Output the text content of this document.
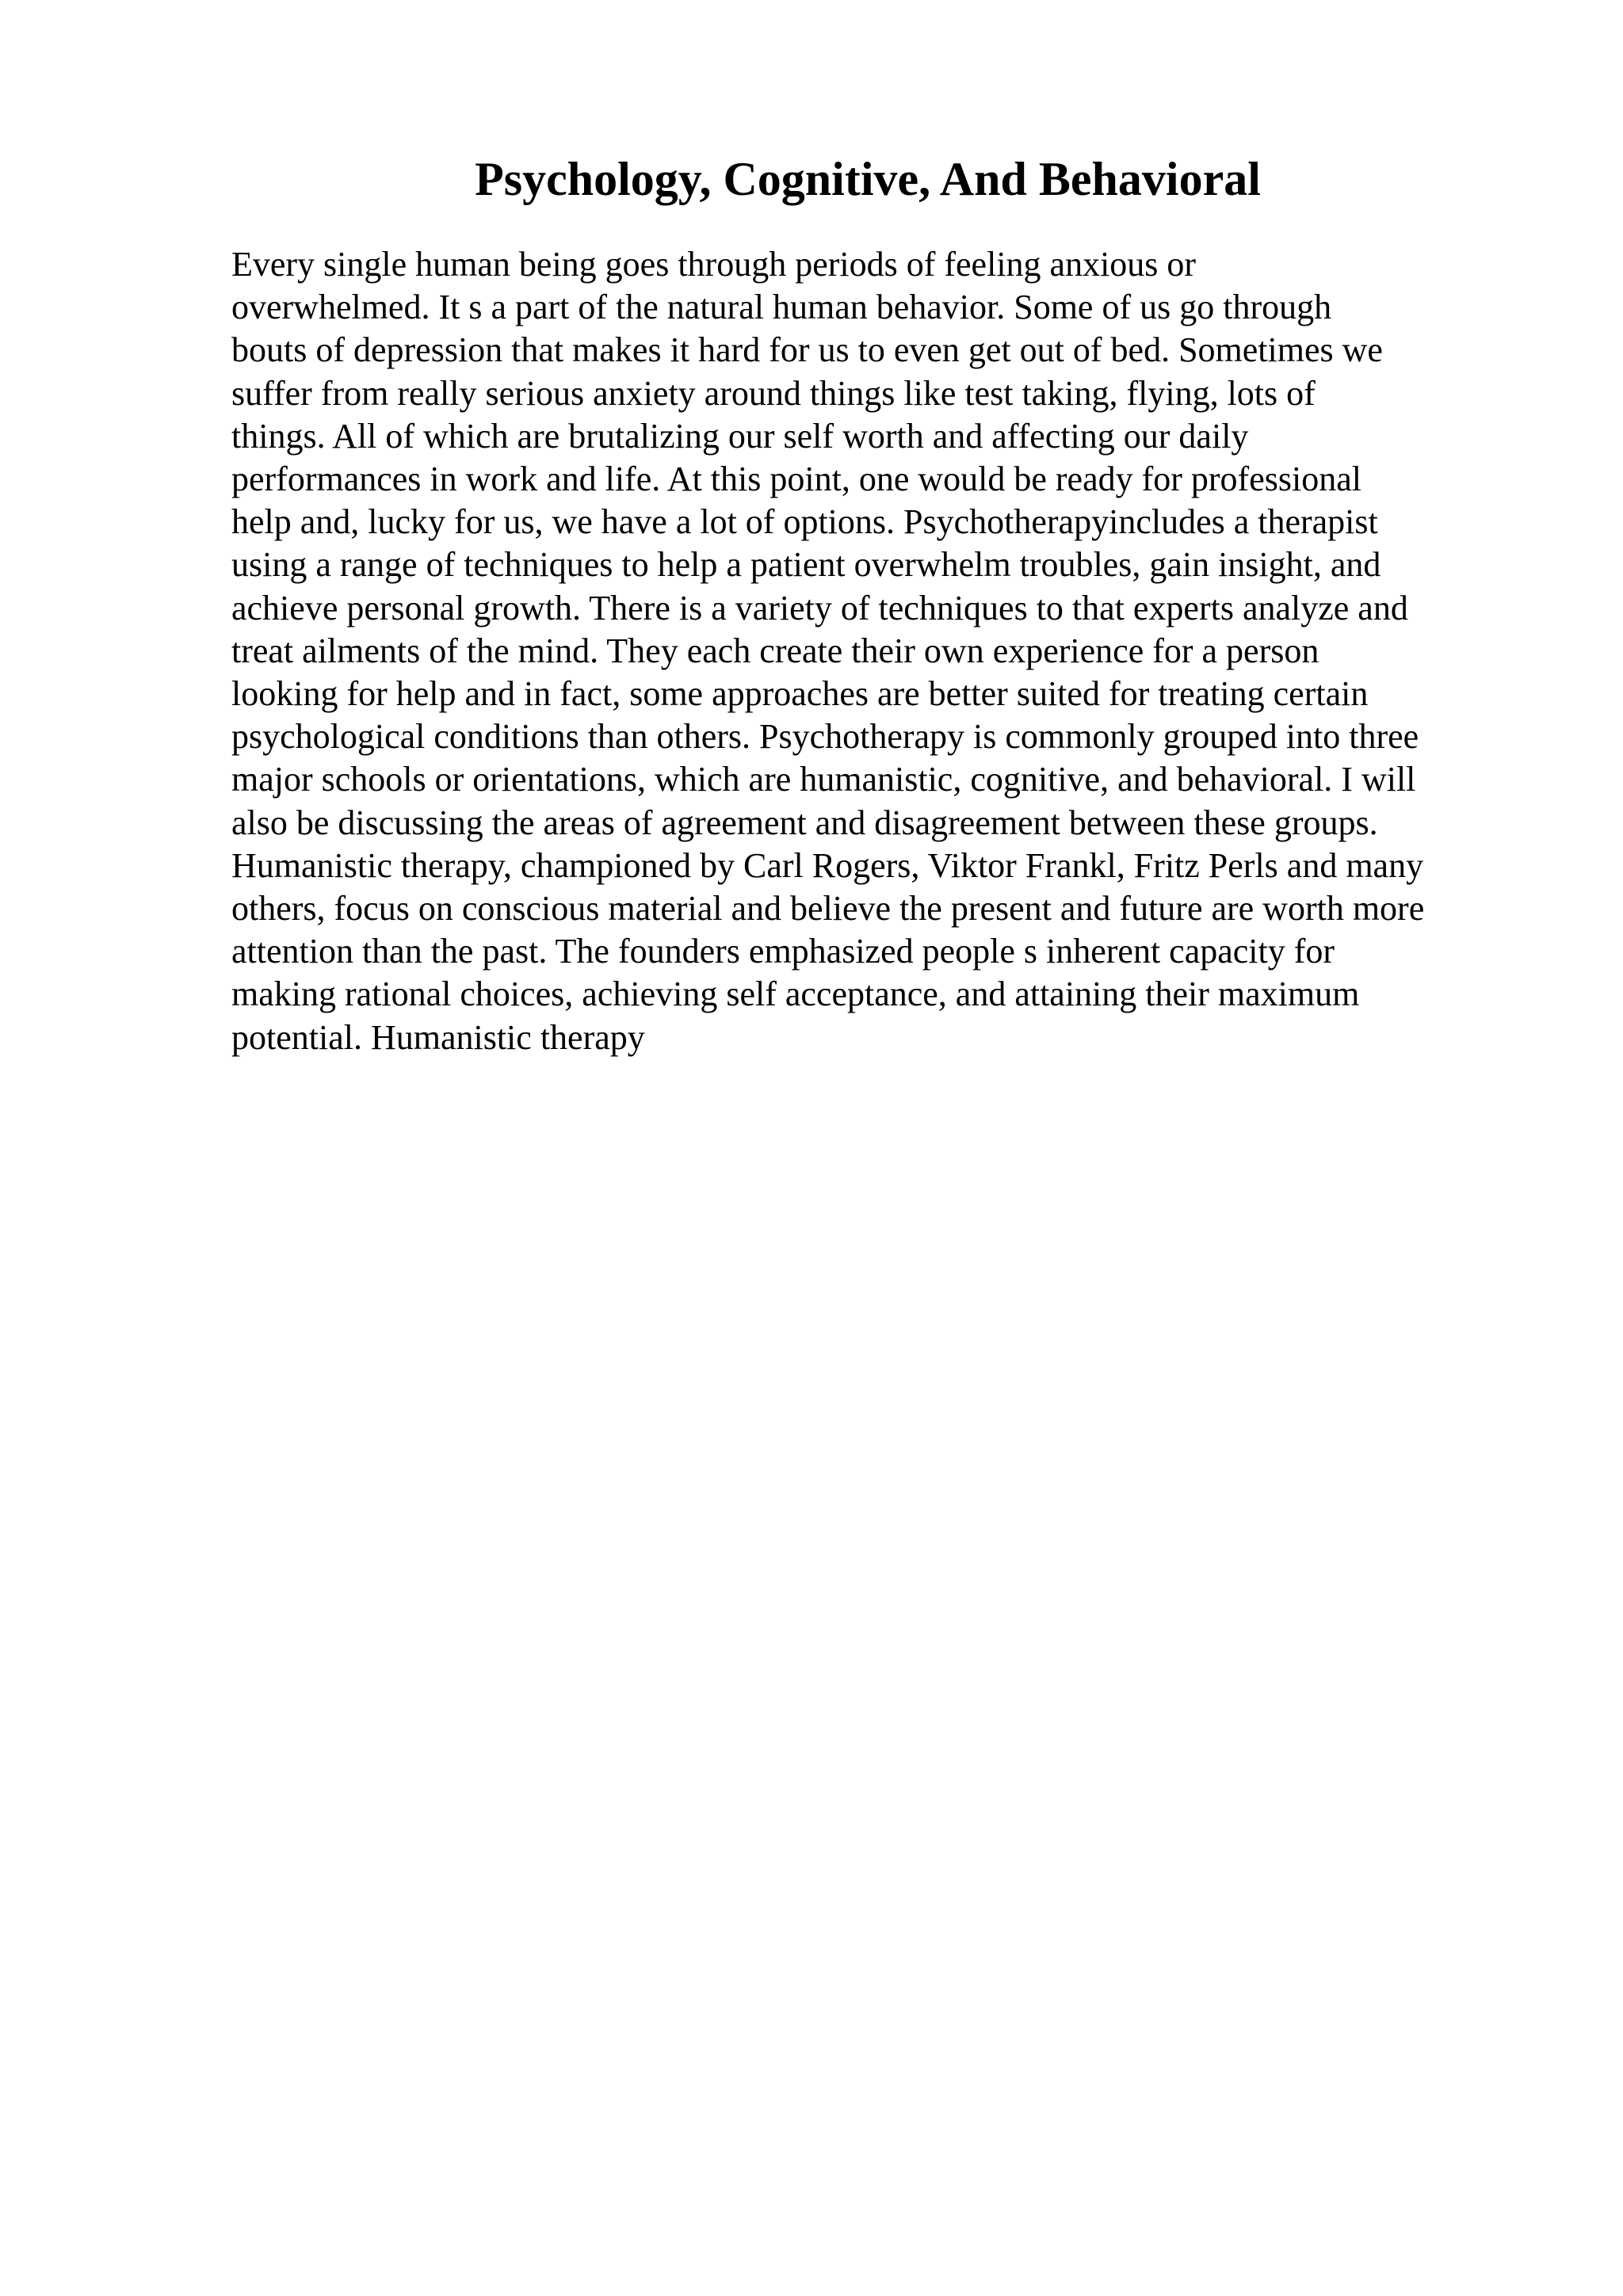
Psychology, Cognitive, And Behavioral
Every single human being goes through periods of feeling anxious or
overwhelmed. It s a part of the natural human behavior. Some of us go through
bouts of depression that makes it hard for us to even get out of bed. Sometimes we
suffer from really serious anxiety around things like test taking, flying, lots of
things. All of which are brutalizing our self worth and affecting our daily
performances in work and life. At this point, one would be ready for professional
help and, lucky for us, we have a lot of options. Psychotherapyincludes a therapist
using a range of techniques to help a patient overwhelm troubles, gain insight, and
achieve personal growth. There is a variety of techniques to that experts analyze and
treat ailments of the mind. They each create their own experience for a person
looking for help and in fact, some approaches are better suited for treating certain
psychological conditions than others. Psychotherapy is commonly grouped into three
major schools or orientations, which are humanistic, cognitive, and behavioral. I will
also be discussing the areas of agreement and disagreement between these groups.
Humanistic therapy, championed by Carl Rogers, Viktor Frankl, Fritz Perls and many
others, focus on conscious material and believe the present and future are worth more
attention than the past. The founders emphasized people s inherent capacity for
making rational choices, achieving self acceptance, and attaining their maximum
potential. Humanistic therapy
